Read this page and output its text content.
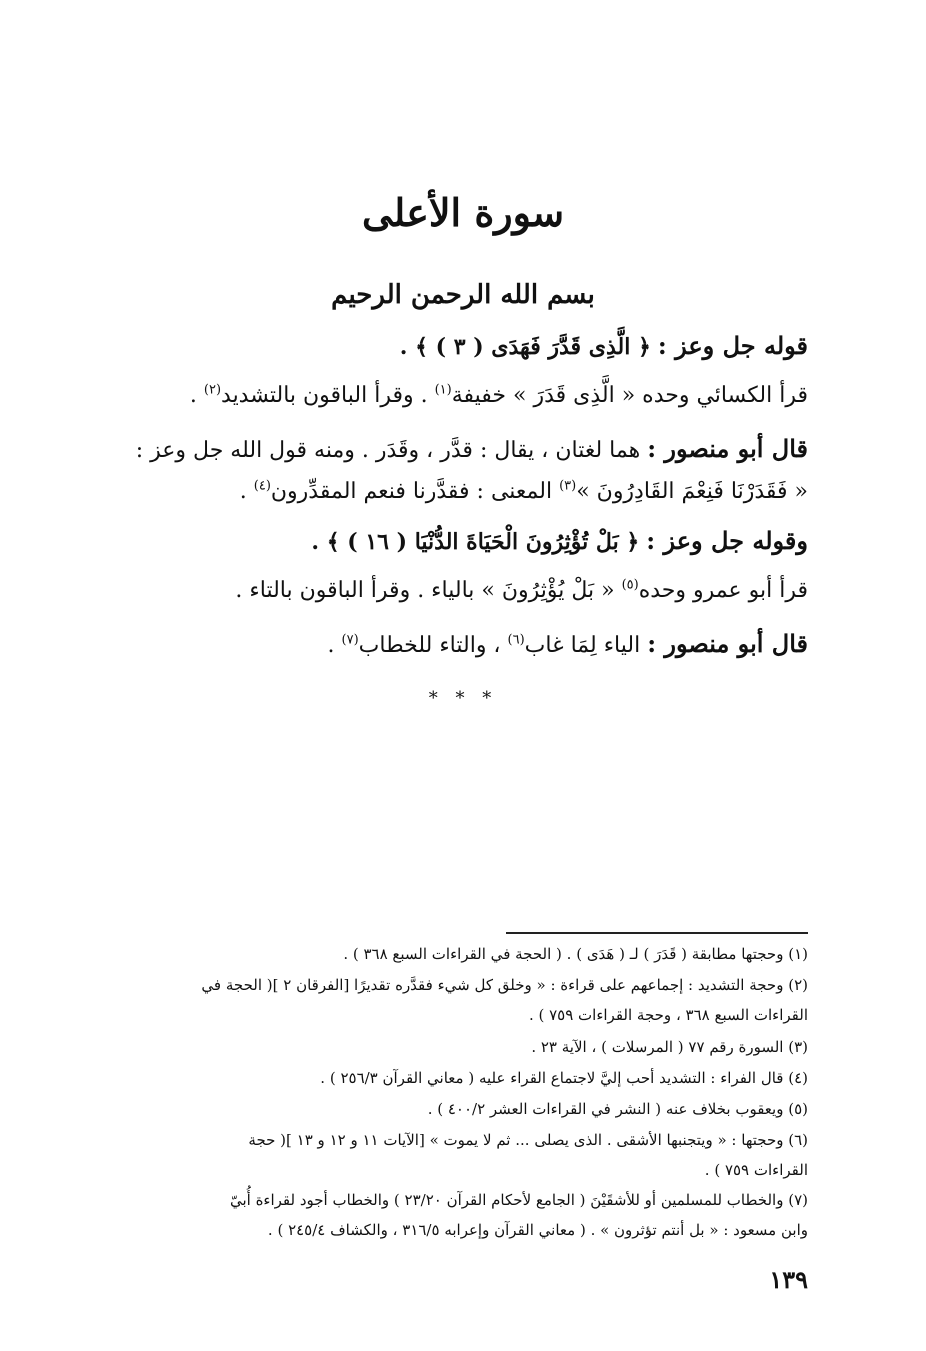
سورة الأعلى
بسم الله الرحمن الرحيم
قوله جل وعز : ﴿ الَّذِى قَدَّرَ فَهَدَى ( ٣ ) ﴾ .
قرأ الكسائي وحده « الَّذِى قَدَرَ » خفيفة$^{(١)}$ . وقرأ الباقون بالتشديد$^{(٢)}$ .
قال أبو منصور : هما لغتان ، يقال : قدَّر ، وقَدَر . ومنه قول الله جل وعز :
« فَقَدَرْنَا فَنِعْمَ القَادِرُونَ »$^{(٣)}$ المعنى : فقدَّرنا فنعم المقدِّرون$^{(٤)}$ .
وقوله جل وعز : ﴿ بَلْ تُؤْثِرُونَ الْحَيَاةَ الدُّنْيَا ( ١٦ ) ﴾ .
قرأ أبو عمرو وحده$^{(٥)}$ « بَلْ يُؤْثِرُونَ » بالياء . وقرأ الباقون بالتاء .
قال أبو منصور : الياء لِمَا غاب$^{(٦)}$ ، والتاء للخطاب$^{(٧)}$ .
* * *
(١) وحجتها مطابقة ( قَدَرَ ) لـ ( هَدَى ) . ( الحجة في القراءات السبع ٣٦٨ ) .
(٢) وحجة التشديد : إجماعهم على قراءة : « وخلق كل شيء فقدَّره تقديرًا [الفرقان ٢ ]( الحجة في
القراءات السبع ٣٦٨ ، وحجة القراءات ٧٥٩ ) .
(٣) السورة رقم ٧٧ ( المرسلات ) ، الآية ٢٣ .
(٤) قال الفراء : التشديد أحب إليَّ لاجتماع القراء عليه ( معاني القرآن ٢٥٦/٣ ) .
(٥) ويعقوب بخلاف عنه ( النشر في القراءات العشر ٤٠٠/٢ ) .
(٦) وحجتها : « ويتجنبها الأشقى . الذى يصلى ... ثم لا يموت » [الآيات ١١ و ١٢ و ١٣ ]( حجة
القراءات ٧٥٩ ) .
(٧) والخطاب للمسلمين أو للأشقَيْنَ ( الجامع لأحكام القرآن ٢٣/٢٠ ) والخطاب أجود لقراءة أُبيّ
وابن مسعود : « بل أنتم تؤثرون » . ( معاني القرآن وإعرابه ٣١٦/٥ ، والكشاف ٢٤٥/٤ ) .
١٣٩
